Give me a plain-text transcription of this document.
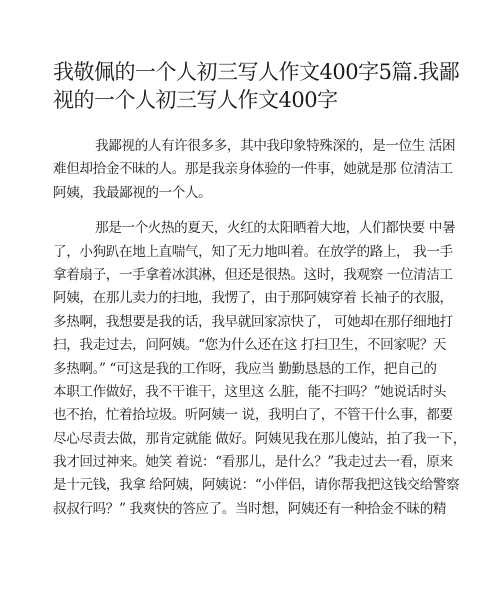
我敬佩的一个人初三写人作文400字5篇.我鄙
视的一个人初三写人作文400字
我鄙视的人有许很多多，其中我印象特殊深的，是一位生 活困
难但却拾金不昧的人。那是我亲身体验的一件事，她就是那 位清洁工
阿姨，我最鄙视的一个人。
那是一个火热的夏天，火红的太阳晒着大地，人们都快要 中暑
了，小狗趴在地上直喘气，知了无力地叫着。在放学的路上， 我一手
拿着扇子，一手拿着冰淇淋，但还是很热。这时，我观察 一位清洁工
阿姨，在那儿卖力的扫地，我愣了，由于那阿姨穿着 长袖子的衣服，
多热啊，我想要是我的话，我早就回家凉快了， 可她却在那仔细地打
扫，我走过去，问阿姨。“您为什么还在这 打扫卫生，不回家呢？天
多热啊。” “可这是我的工作呀，我应当 勤勤恳恳的工作，把自己的
本职工作做好，我不干谁干，这里这 么脏，能不扫吗？”她说话时头
也不抬，忙着拾垃圾。听阿姨一 说，我明白了，不管干什么事，都要
尽心尽责去做，那肯定就能 做好。阿姨见我在那儿傻站，拍了我一下，
我才回过神来。她笑 着说：“看那儿，是什么？”我走过去一看，原来
是十元钱，我拿 给阿姨，阿姨说：“小伴侣，请你帮我把这钱交给警察
叔叔行吗？” 我爽快的答应了。当时想，阿姨还有一种拾金不昧的精
